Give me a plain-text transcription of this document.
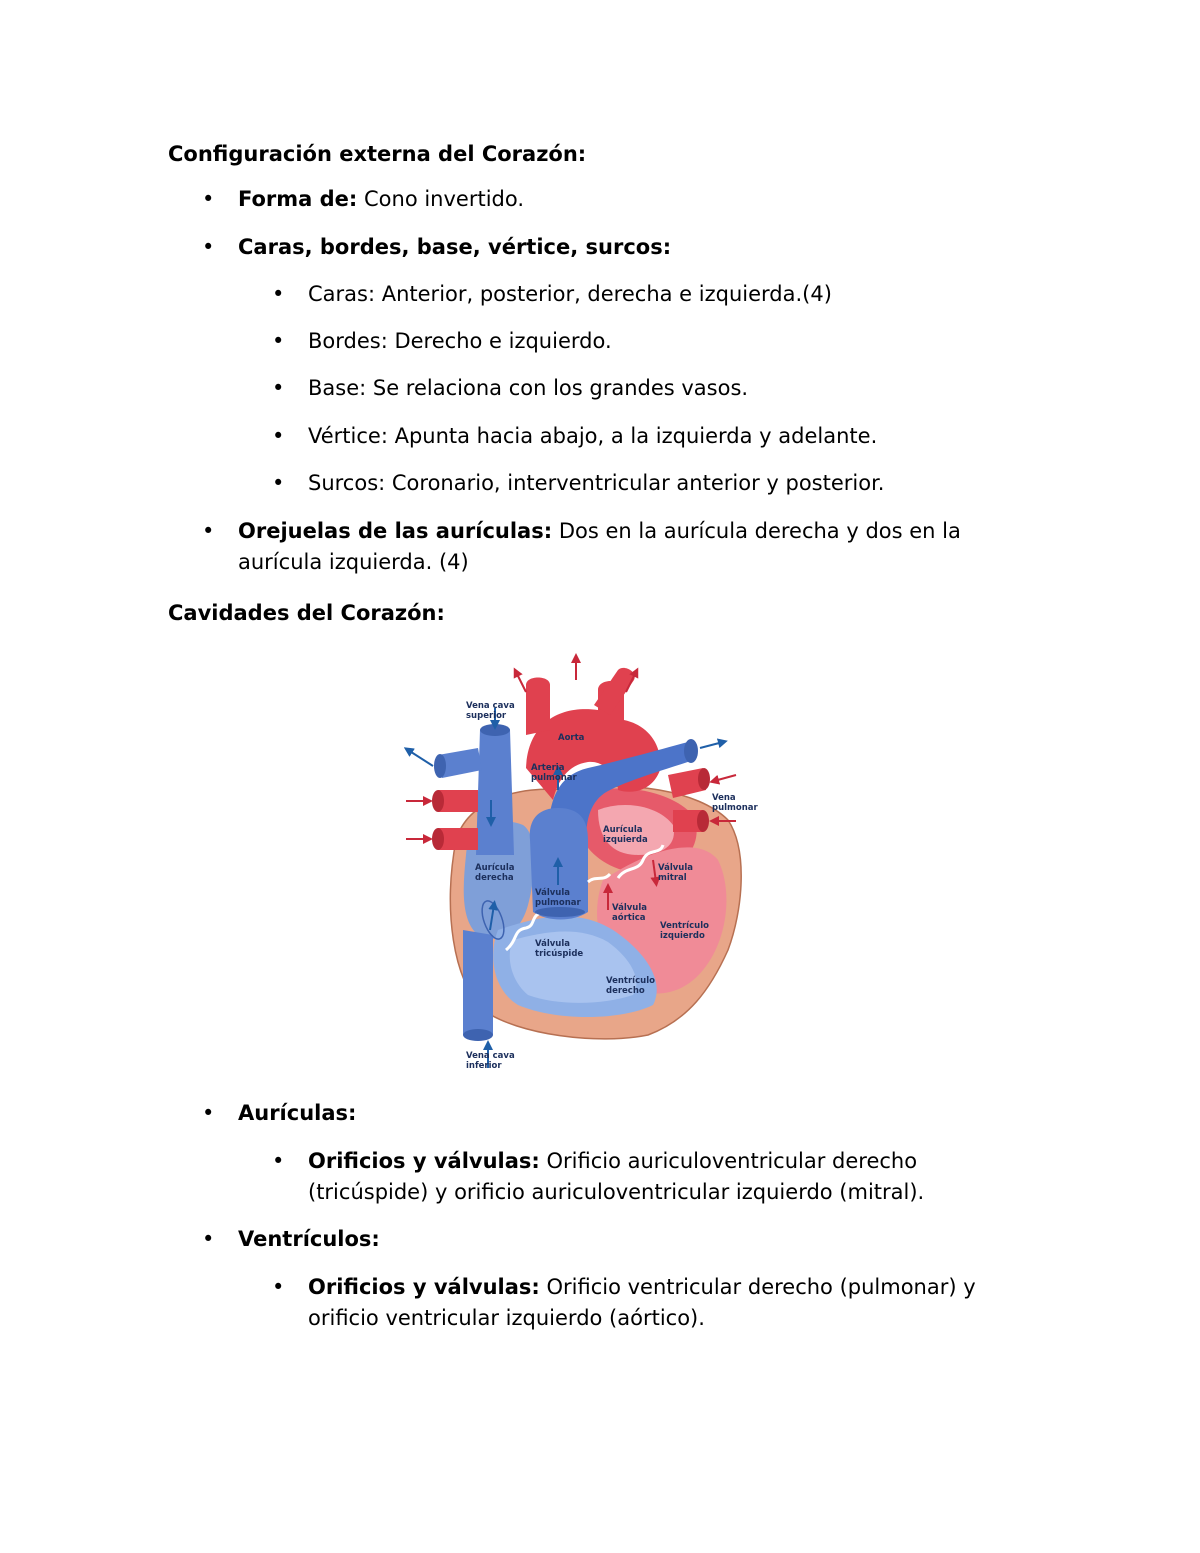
Configuración externa del Corazón:
• Forma de: Cono invertido.
• Caras, bordes, base, vértice, surcos:
• Caras: Anterior, posterior, derecha e izquierda.(4)
• Bordes: Derecho e izquierdo.
• Base: Se relaciona con los grandes vasos.
• Vértice: Apunta hacia abajo, a la izquierda y adelante.
• Surcos: Coronario, interventricular anterior y posterior.
• Orejuelas de las aurículas: Dos en la aurícula derecha y dos en la aurícula izquierda. (4)
Cavidades del Corazón:
Vena cava superior
Aorta
Arteria pulmonar
Vena pulmonar
Aurícula izquierda
Aurícula derecha
Válvula mitral
Válvula pulmonar	Válvula aórtica
Ventrículo izquierdo
Válvula tricúspide
Ventrículo derecho
Vena cava inferior
• Aurículas:
• Orificios y válvulas: Orificio auriculoventricular derecho (tricúspide) y orificio auriculoventricular izquierdo (mitral).
• Ventrículos:
• Orificios y válvulas: Orificio ventricular derecho (pulmonar) y orificio ventricular izquierdo (aórtico).
